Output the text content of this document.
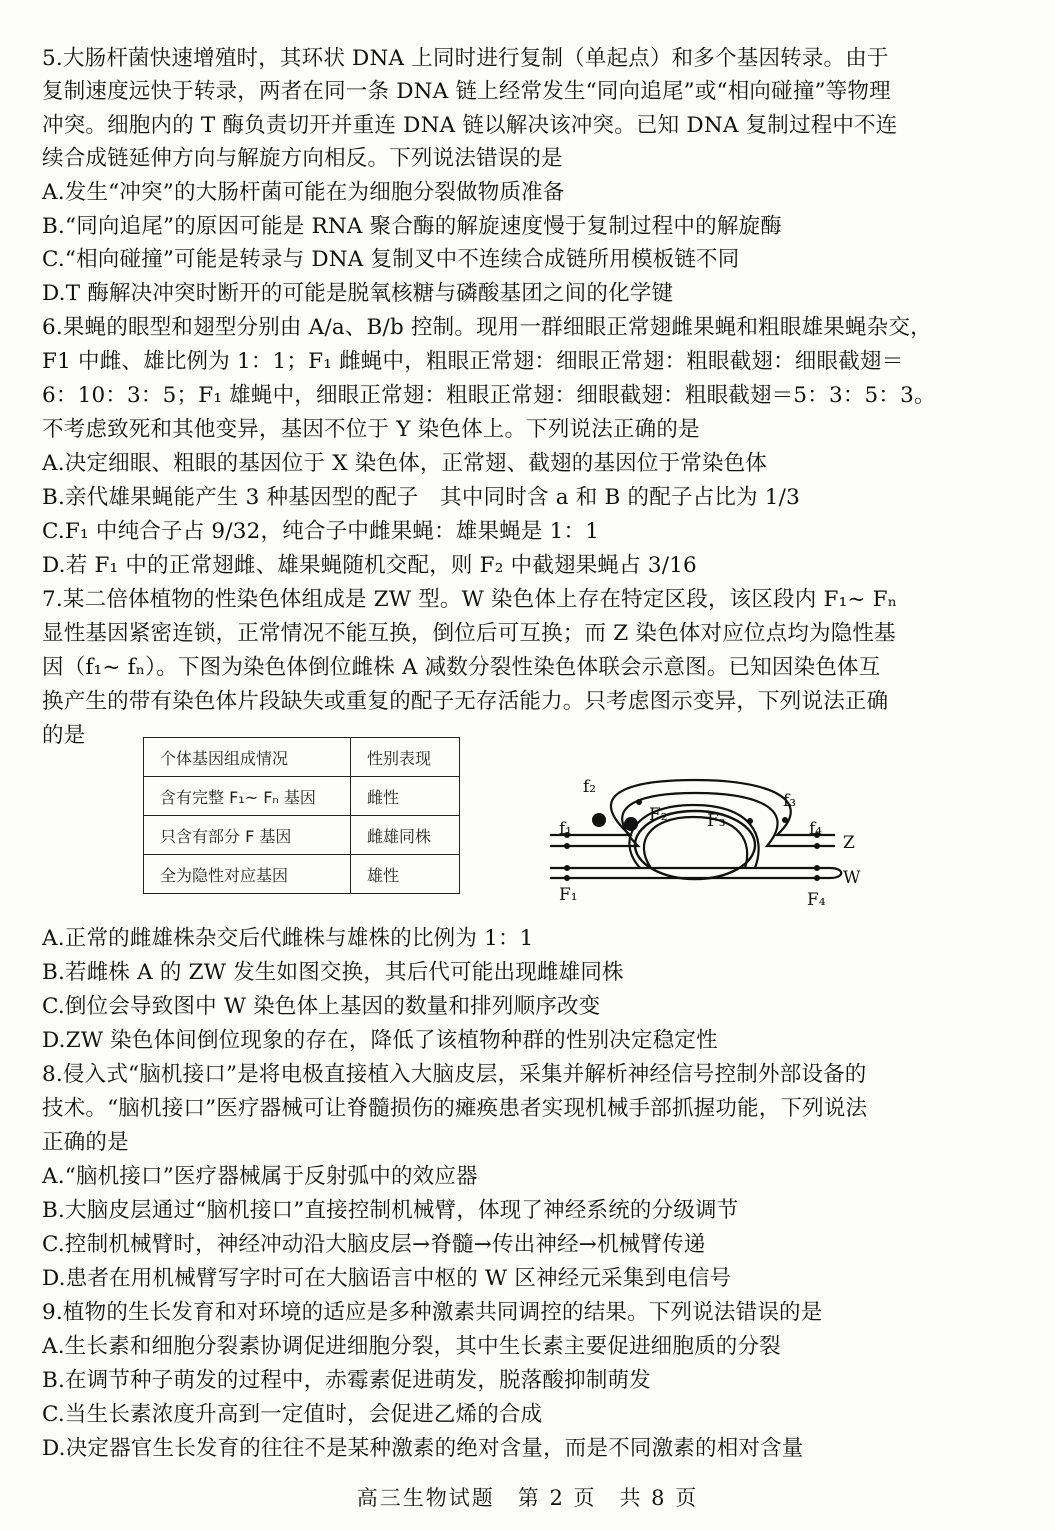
5.大肠杆菌快速增殖时，其环状 DNA 上同时进行复制（单起点）和多个基因转录。由于
复制速度远快于转录，两者在同一条 DNA 链上经常发生“同向追尾”或“相向碰撞”等物理
冲突。细胞内的 T 酶负责切开并重连 DNA 链以解决该冲突。已知 DNA 复制过程中不连
续合成链延伸方向与解旋方向相反。下列说法错误的是
A.发生“冲突”的大肠杆菌可能在为细胞分裂做物质准备
B.“同向追尾”的原因可能是 RNA 聚合酶的解旋速度慢于复制过程中的解旋酶
C.“相向碰撞”可能是转录与 DNA 复制叉中不连续合成链所用模板链不同
D.T 酶解决冲突时断开的可能是脱氧核糖与磷酸基团之间的化学键
6.果蝇的眼型和翅型分别由 A/a、B/b 控制。现用一群细眼正常翅雌果蝇和粗眼雄果蝇杂交，
F1 中雌、雄比例为 1：1；F₁ 雌蝇中，粗眼正常翅：细眼正常翅：粗眼截翅：细眼截翅＝
6：10：3：5；F₁ 雄蝇中，细眼正常翅：粗眼正常翅：细眼截翅：粗眼截翅＝5：3：5：3。
不考虑致死和其他变异，基因不位于 Y 染色体上。下列说法正确的是
A.决定细眼、粗眼的基因位于 X 染色体，正常翅、截翅的基因位于常染色体
B.亲代雄果蝇能产生 3 种基因型的配子　其中同时含 a 和 B 的配子占比为 1/3
C.F₁ 中纯合子占 9/32，纯合子中雌果蝇：雄果蝇是 1：1
D.若 F₁ 中的正常翅雌、雄果蝇随机交配，则 F₂ 中截翅果蝇占 3/16
7.某二倍体植物的性染色体组成是 ZW 型。W 染色体上存在特定区段，该区段内 F₁~ Fₙ
显性基因紧密连锁，正常情况不能互换，倒位后可互换；而 Z 染色体对应位点均为隐性基
因（f₁~ fₙ）。下图为染色体倒位雌株 A 减数分裂性染色体联会示意图。已知因染色体互
换产生的带有染色体片段缺失或重复的配子无存活能力。只考虑图示变异，下列说法正确
的是
个体基因组成情况	性别表现
含有完整 F₁~ Fₙ 基因	雌性
只含有部分 F 基因	雌雄同株
全为隐性对应基因	雄性
f₁
f₂
f₃
f₄
F₂ F₃
F₁	F₄
Z
W
A.正常的雌雄株杂交后代雌株与雄株的比例为 1：1
B.若雌株 A 的 ZW 发生如图交换，其后代可能出现雌雄同株
C.倒位会导致图中 W 染色体上基因的数量和排列顺序改变
D.ZW 染色体间倒位现象的存在，降低了该植物种群的性别决定稳定性
8.侵入式“脑机接口”是将电极直接植入大脑皮层，采集并解析神经信号控制外部设备的
技术。“脑机接口”医疗器械可让脊髓损伤的瘫痪患者实现机械手部抓握功能，下列说法
正确的是
A.“脑机接口”医疗器械属于反射弧中的效应器
B.大脑皮层通过“脑机接口”直接控制机械臂，体现了神经系统的分级调节
C.控制机械臂时，神经冲动沿大脑皮层→脊髓→传出神经→机械臂传递
D.患者在用机械臂写字时可在大脑语言中枢的 W 区神经元采集到电信号
9.植物的生长发育和对环境的适应是多种激素共同调控的结果。下列说法错误的是
A.生长素和细胞分裂素协调促进细胞分裂，其中生长素主要促进细胞质的分裂
B.在调节种子萌发的过程中，赤霉素促进萌发，脱落酸抑制萌发
C.当生长素浓度升高到一定值时，会促进乙烯的合成
D.决定器官生长发育的往往不是某种激素的绝对含量，而是不同激素的相对含量
高三生物试题　第 2 页　共 8 页
